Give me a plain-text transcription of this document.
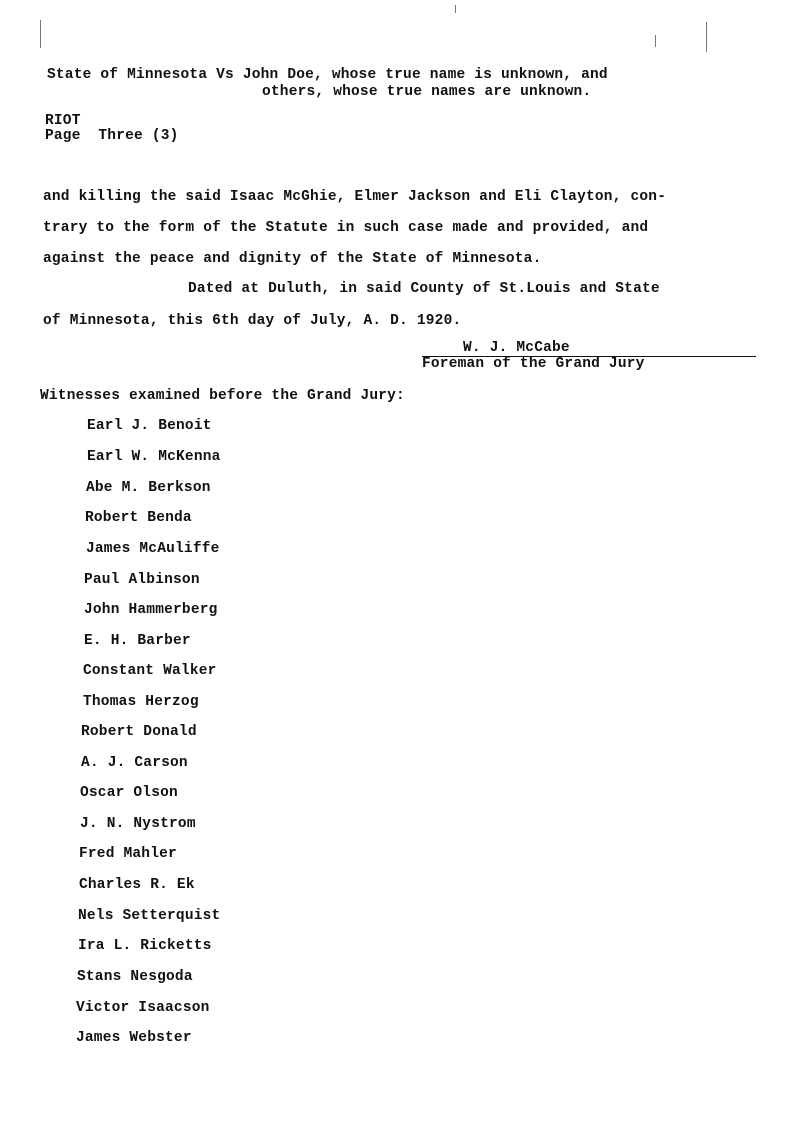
State of Minnesota Vs John Doe, whose true name is unknown, and
others, whose true names are unknown.
RIOT
Page  Three (3)
and killing the said Isaac McGhie, Elmer Jackson and Eli Clayton, con-
trary to the form of the Statute in such case made and provided, and
against the peace and dignity of the State of Minnesota.
Dated at Duluth, in said County of St.Louis and State
of Minnesota, this 6th day of July, A. D. 1920.
W. J. McCabe
Foreman of the Grand Jury
Witnesses examined before the Grand Jury:
Earl J. Benoit
Earl W. McKenna
Abe M. Berkson
Robert Benda
James McAuliffe
Paul Albinson
John Hammerberg
E. H. Barber
Constant Walker
Thomas Herzog
Robert Donald
A. J. Carson
Oscar Olson
J. N. Nystrom
Fred Mahler
Charles R. Ek
Nels Setterquist
Ira L. Ricketts
Stans Nesgoda
Victor Isaacson
James Webster
